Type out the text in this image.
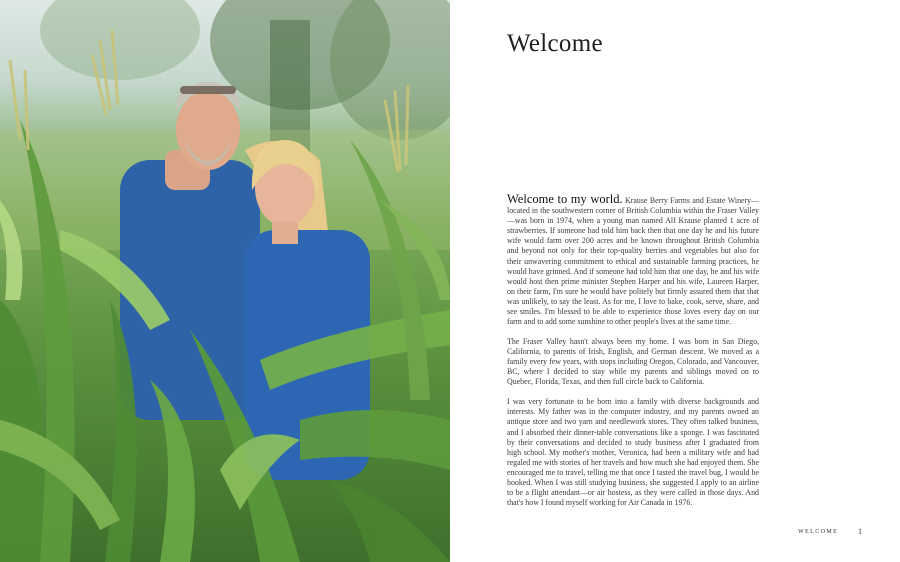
Welcome

Welcome to my world. Krause Berry Farms and Estate Winery—located in the southwestern corner of British Columbia within the Fraser Valley—was born in 1974, when a young man named Alf Krause planted 1 acre of strawberries. If someone had told him back then that one day he and his future wife would farm over 200 acres and be known throughout British Columbia and beyond not only for their top-quality berries and vegetables but also for their unwavering commitment to ethical and sustainable farming practices, he would have grinned. And if someone had told him that one day, he and his wife would host then prime minister Stephen Harper and his wife, Laureen Harper, on their farm, I'm sure he would have politely but firmly assured them that that was unlikely, to say the least. As for me, I love to bake, cook, serve, share, and see smiles. I'm blessed to be able to experience those loves every day on our farm and to add some sunshine to other people's lives at the same time.

The Fraser Valley hasn't always been my home. I was born in San Diego, California, to parents of Irish, English, and German descent. We moved as a family every few years, with stops including Oregon, Colorado, and Vancouver, BC, where I decided to stay while my parents and siblings moved on to Quebec, Florida, Texas, and then full circle back to California.

I was very fortunate to be born into a family with diverse backgrounds and interests. My father was in the computer industry, and my parents owned an antique store and two yarn and needlework stores. They often talked business, and I absorbed their dinner-table conversations like a sponge. I was fascinated by their conversations and decided to study business after I graduated from high school. My mother's mother, Veronica, had been a military wife and had regaled me with stories of her travels and how much she had enjoyed them. She encouraged me to travel, telling me that once I tasted the travel bug, I would be hooked. When I was still studying business, she suggested I apply to an airline to be a flight attendant—or air hostess, as they were called in those days. And that's how I found myself working for Air Canada in 1976.

WELCOME 1
